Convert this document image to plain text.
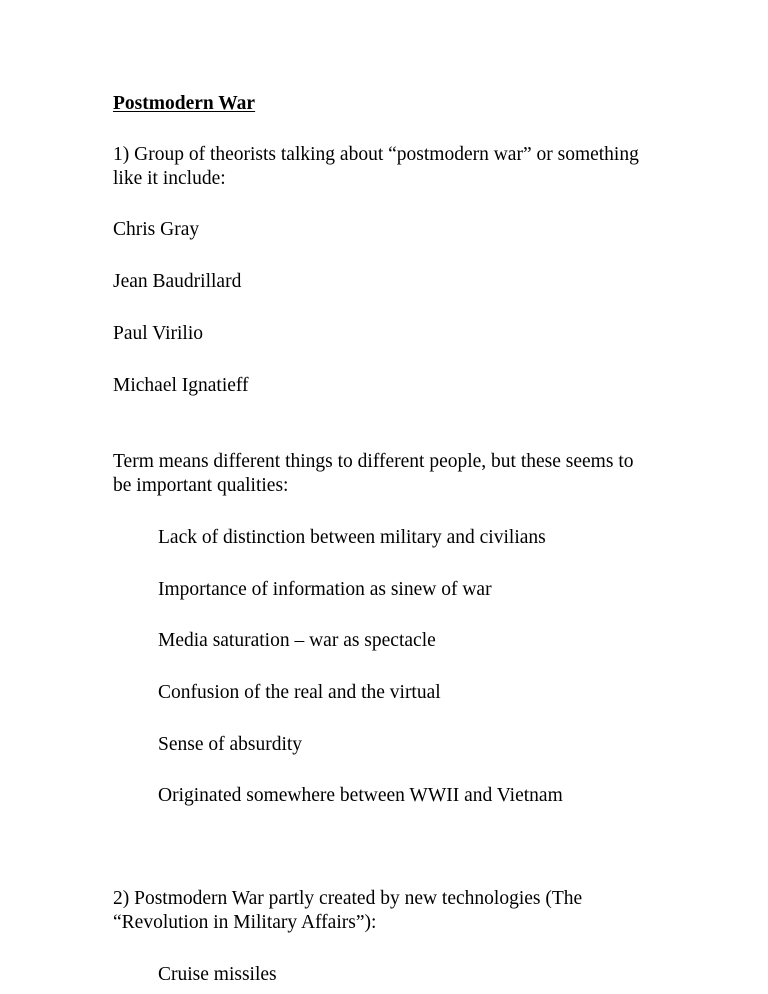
Postmodern War

1) Group of theorists talking about “postmodern war” or something

like it include:

Chris Gray

Jean Baudrillard

Paul Virilio

Michael Ignatieff

Term means different things to different people, but these seems to

be important qualities:

Lack of distinction between military and civilians

Importance of information as sinew of war

Media saturation – war as spectacle

Confusion of the real and the virtual

Sense of absurdity

Originated somewhere between WWII and Vietnam

2) Postmodern War partly created by new technologies (The

“Revolution in Military Affairs”):

Cruise missiles
